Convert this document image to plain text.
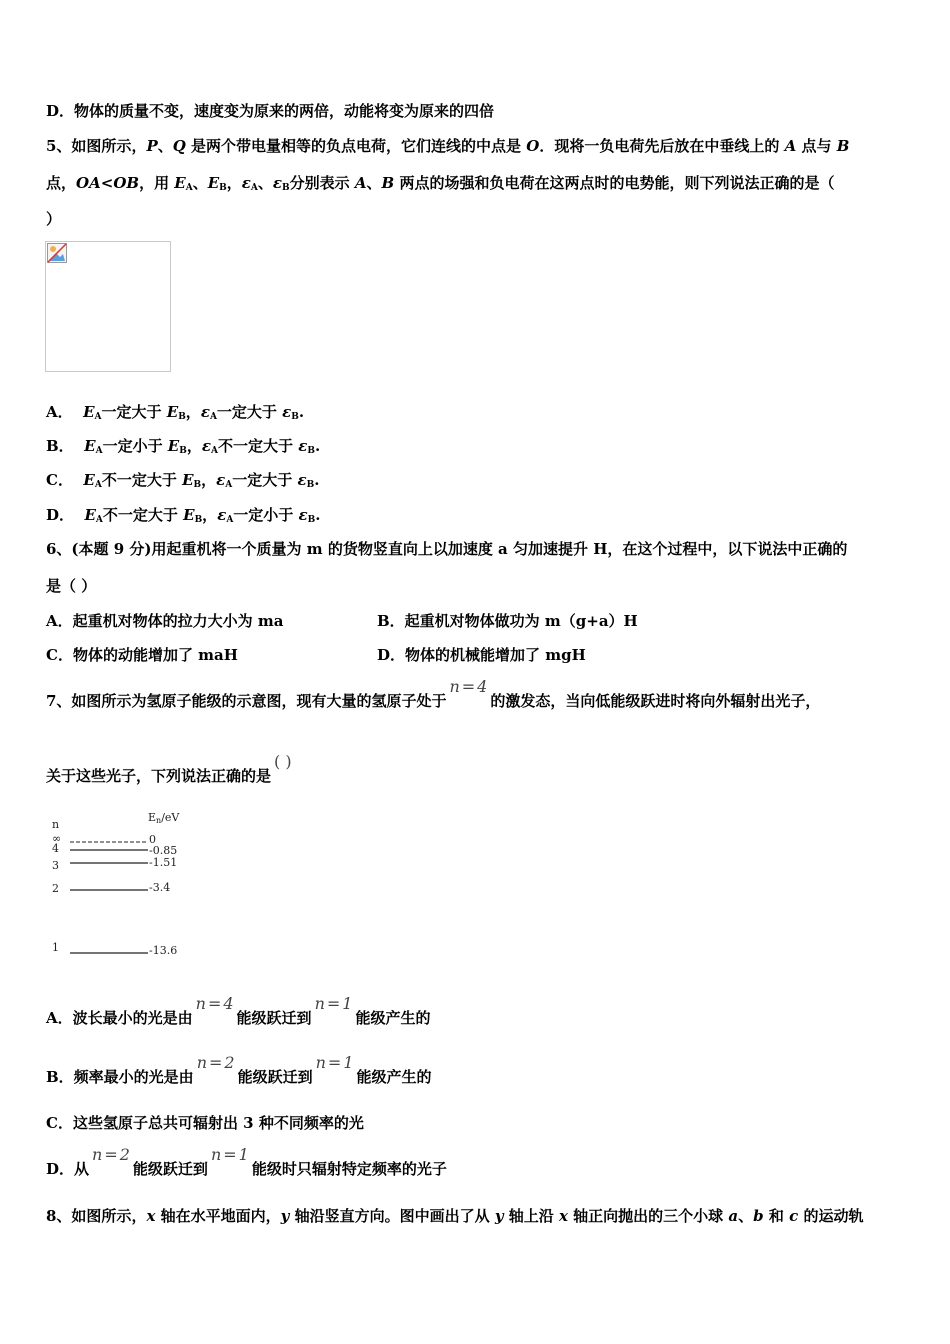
D．物体的质量不变，速度变为原来的两倍，动能将变为原来的四倍
5、如图所示，P、Q 是两个带电量相等的负点电荷，它们连线的中点是 O．现将一负电荷先后放在中垂线上的 A 点与 B
点，OA<OB，用 $E_A$、$E_B$，$\varepsilon_A$、$\varepsilon_B$分别表示 A、B 两点的场强和负电荷在这两点时的电势能，则下列说法正确的是（
）
A． $E_A$一定大于 $E_B$，$\varepsilon_A$一定大于 $\varepsilon_B$.
B． $E_A$一定小于 $E_B$，$\varepsilon_A$不一定大于 $\varepsilon_B$.
C． $E_A$不一定大于 $E_B$，$\varepsilon_A$一定大于 $\varepsilon_B$.
D． $E_A$不一定大于 $E_B$，$\varepsilon_A$一定小于 $\varepsilon_B$.
6、(本题 9 分)用起重机将一个质量为 m 的货物竖直向上以加速度 a 匀加速提升 H，在这个过程中，以下说法中正确的
是（ ）
A．起重机对物体的拉力大小为 ma	B．起重机对物体做功为 m（g+a）H
C．物体的动能增加了 maH	D．物体的机械能增加了 mgH
7、如图所示为氢原子能级的示意图，现有大量的氢原子处于n = 4的激发态，当向低能级跃进时将向外辐射出光子，
关于这些光子，下列说法正确的是( )
n
En/eV
∞	0
4	-0.85
3	-1.51
2	-3.4
1	-13.6
A．波长最小的光是由n = 4能级跃迁到n = 1能级产生的
B．频率最小的光是由n = 2能级跃迁到n = 1能级产生的
C．这些氢原子总共可辐射出 3 种不同频率的光
D．从n = 2能级跃迁到n = 1能级时只辐射特定频率的光子
8、如图所示，x 轴在水平地面内，y 轴沿竖直方向。图中画出了从 y 轴上沿 x 轴正向抛出的三个小球 a、b 和 c 的运动轨
